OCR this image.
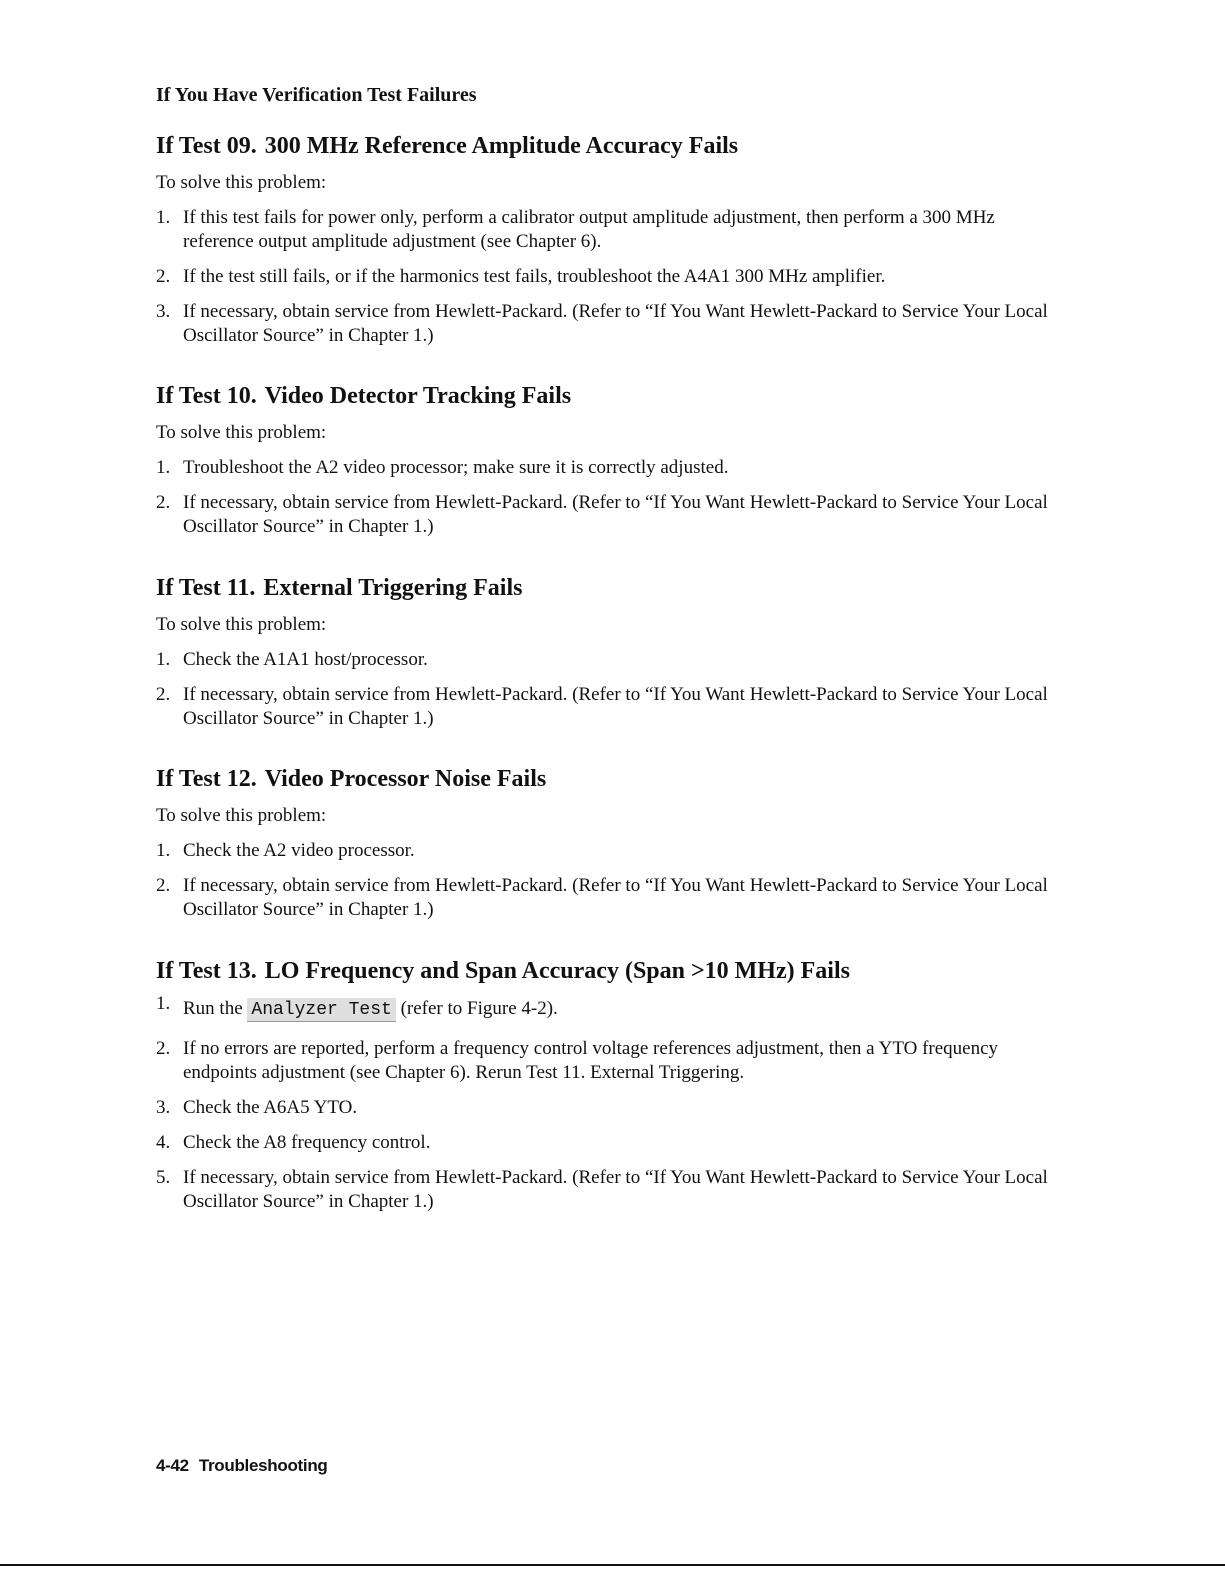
If You Have Verification Test Failures
If Test 09. 300 MHz Reference Amplitude Accuracy Fails

To solve this problem:

1. If this test fails for power only, perform a calibrator output amplitude adjustment, then perform a 300 MHz reference output amplitude adjustment (see Chapter 6).
2. If the test still fails, or if the harmonics test fails, troubleshoot the A4A1 300 MHz amplifier.
3. If necessary, obtain service from Hewlett-Packard. (Refer to “If You Want Hewlett-Packard to Service Your Local Oscillator Source” in Chapter 1.)
If Test 10. Video Detector Tracking Fails

To solve this problem:

1. Troubleshoot the A2 video processor; make sure it is correctly adjusted.
2. If necessary, obtain service from Hewlett-Packard. (Refer to “If You Want Hewlett-Packard to Service Your Local Oscillator Source” in Chapter 1.)
If Test 11. External Triggering Fails

To solve this problem:

1. Check the A1A1 host/processor.
2. If necessary, obtain service from Hewlett-Packard. (Refer to “If You Want Hewlett-Packard to Service Your Local Oscillator Source” in Chapter 1.)
If Test 12. Video Processor Noise Fails

To solve this problem:

1. Check the A2 video processor.
2. If necessary, obtain service from Hewlett-Packard. (Refer to “If You Want Hewlett-Packard to Service Your Local Oscillator Source” in Chapter 1.)
If Test 13. LO Frequency and Span Accuracy (Span >10 MHz) Fails
1. Run the Analyzer Test (refer to Figure 4-2).
2. If no errors are reported, perform a frequency control voltage references adjustment, then a YTO frequency endpoints adjustment (see Chapter 6). Rerun Test 11. External Triggering.
3. Check the A6A5 YTO.
4. Check the A8 frequency control.
5. If necessary, obtain service from Hewlett-Packard. (Refer to “If You Want Hewlett-Packard to Service Your Local Oscillator Source” in Chapter 1.)
4-42 Troubleshooting
